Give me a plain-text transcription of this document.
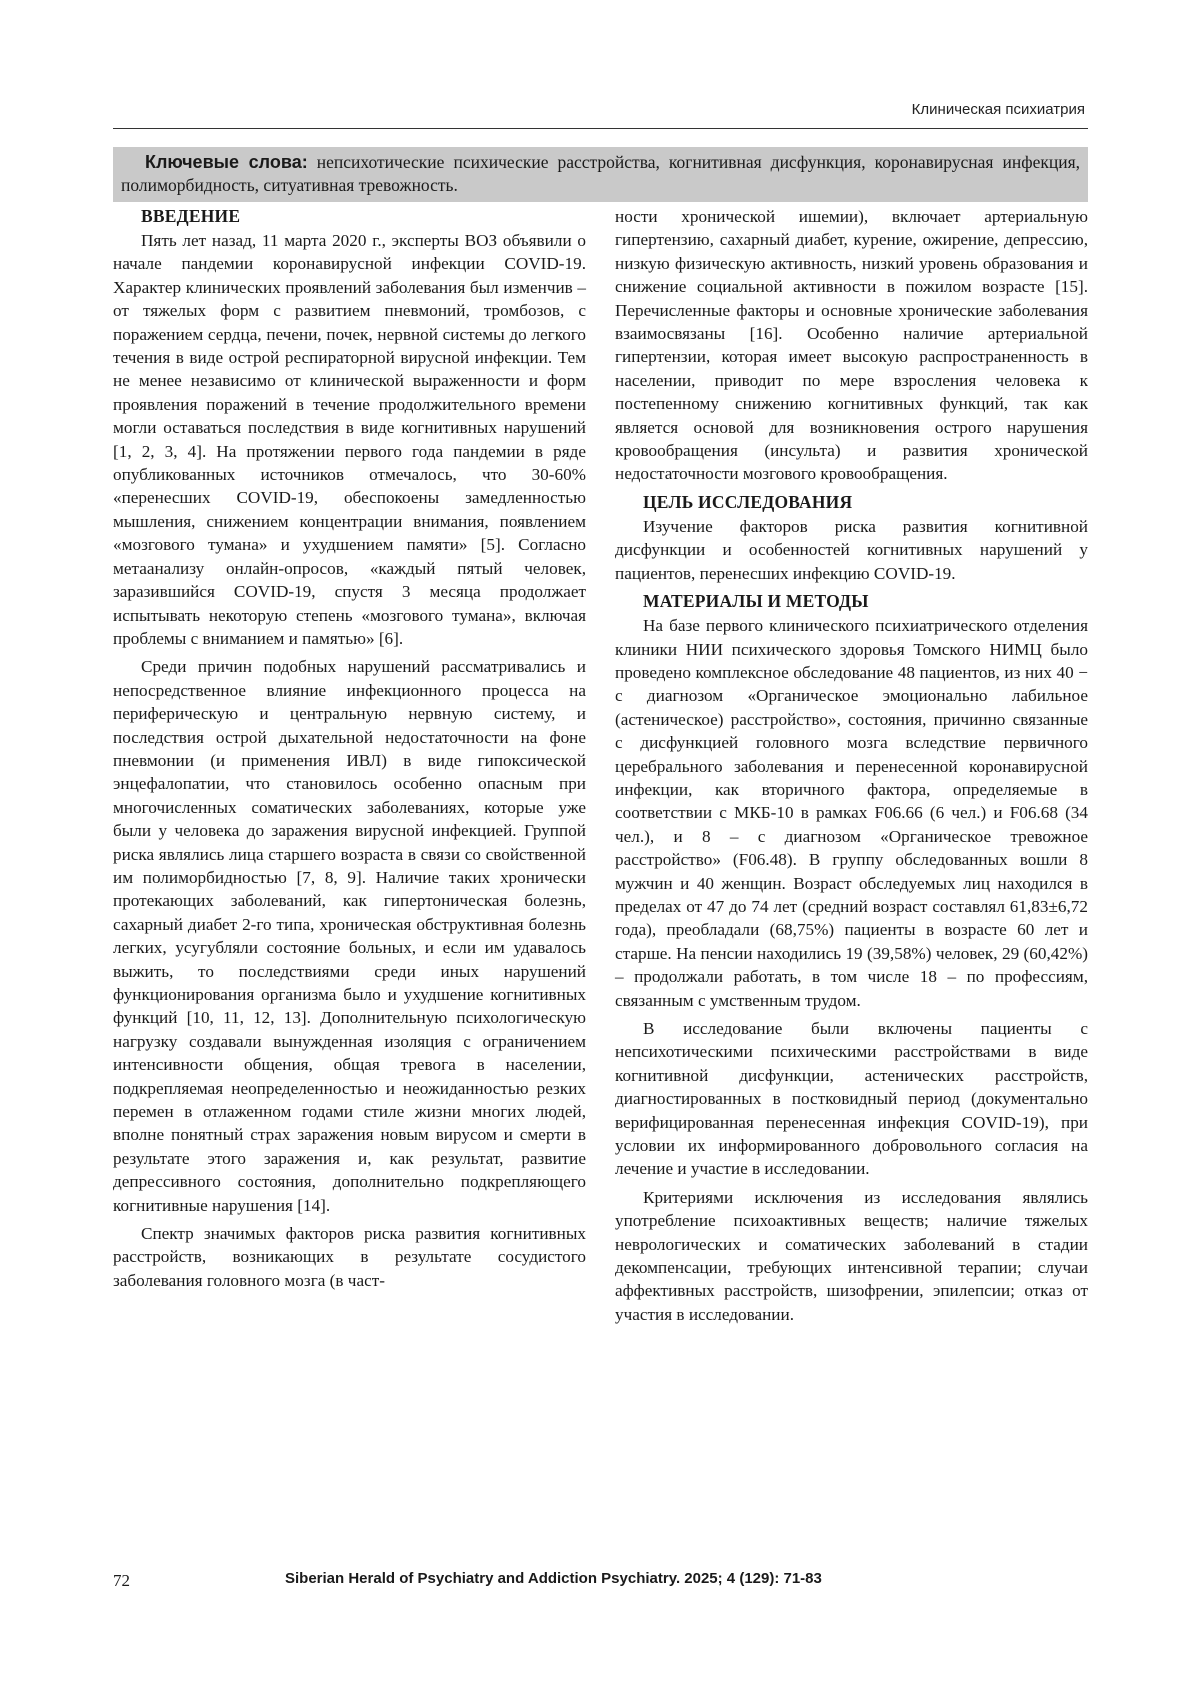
Клиническая психиатрия
Ключевые слова: непсихотические психические расстройства, когнитивная дисфункция, коронавирусная инфекция, полиморбидность, ситуативная тревожность.
ВВЕДЕНИЕ

Пять лет назад, 11 марта 2020 г., эксперты ВОЗ объявили о начале пандемии коронавирусной инфекции COVID-19. Характер клинических проявлений заболевания был изменчив – от тяжелых форм с развитием пневмоний, тромбозов, с поражением сердца, печени, почек, нервной системы до легкого течения в виде острой респираторной вирусной инфекции. Тем не менее независимо от клинической выраженности и форм проявления поражений в течение продолжительного времени могли оставаться последствия в виде когнитивных нарушений [1, 2, 3, 4]. На протяжении первого года пандемии в ряде опубликованных источников отмечалось, что 30-60% «перенесших COVID-19, обеспокоены замедленностью мышления, снижением концентрации внимания, появлением «мозгового тумана» и ухудшением памяти» [5]. Согласно метаанализу онлайн-опросов, «каждый пятый человек, заразившийся COVID-19, спустя 3 месяца продолжает испытывать некоторую степень «мозгового тумана», включая проблемы с вниманием и памятью» [6].

Среди причин подобных нарушений рассматривались и непосредственное влияние инфекционного процесса на периферическую и центральную нервную систему, и последствия острой дыхательной недостаточности на фоне пневмонии (и применения ИВЛ) в виде гипоксической энцефалопатии, что становилось особенно опасным при многочисленных соматических заболеваниях, которые уже были у человека до заражения вирусной инфекцией. Группой риска являлись лица старшего возраста в связи со свойственной им полиморбидностью [7, 8, 9]. Наличие таких хронически протекающих заболеваний, как гипертоническая болезнь, сахарный диабет 2-го типа, хроническая обструктивная болезнь легких, усугубляли состояние больных, и если им удавалось выжить, то последствиями среди иных нарушений функционирования организма было и ухудшение когнитивных функций [10, 11, 12, 13]. Дополнительную психологическую нагрузку создавали вынужденная изоляция с ограничением интенсивности общения, общая тревога в населении, подкрепляемая неопределенностью и неожиданностью резких перемен в отлаженном годами стиле жизни многих людей, вполне понятный страх заражения новым вирусом и смерти в результате этого заражения и, как результат, развитие депрессивного состояния, дополнительно подкрепляющего когнитивные нарушения [14].

Спектр значимых факторов риска развития когнитивных расстройств, возникающих в результате сосудистого заболевания головного мозга (в част-

ности хронической ишемии), включает артериальную гипертензию, сахарный диабет, курение, ожирение, депрессию, низкую физическую активность, низкий уровень образования и снижение социальной активности в пожилом возрасте [15]. Перечисленные факторы и основные хронические заболевания взаимосвязаны [16]. Особенно наличие артериальной гипертензии, которая имеет высокую распространенность в населении, приводит по мере взросления человека к постепенному снижению когнитивных функций, так как является основой для возникновения острого нарушения кровообращения (инсульта) и развития хронической недостаточности мозгового кровообращения.

ЦЕЛЬ ИССЛЕДОВАНИЯ

Изучение факторов риска развития когнитивной дисфункции и особенностей когнитивных нарушений у пациентов, перенесших инфекцию COVID-19.

МАТЕРИАЛЫ И МЕТОДЫ

На базе первого клинического психиатрического отделения клиники НИИ психического здоровья Томского НИМЦ было проведено комплексное обследование 48 пациентов, из них 40 − с диагнозом «Органическое эмоционально лабильное (астеническое) расстройство», состояния, причинно связанные с дисфункцией головного мозга вследствие первичного церебрального заболевания и перенесенной коронавирусной инфекции, как вторичного фактора, определяемые в соответствии с МКБ-10 в рамках F06.66 (6 чел.) и F06.68 (34 чел.), и 8 – с диагнозом «Органическое тревожное расстройство» (F06.48). В группу обследованных вошли 8 мужчин и 40 женщин. Возраст обследуемых лиц находился в пределах от 47 до 74 лет (средний возраст составлял 61,83±6,72 года), преобладали (68,75%) пациенты в возрасте 60 лет и старше. На пенсии находились 19 (39,58%) человек, 29 (60,42%) – продолжали работать, в том числе 18 – по профессиям, связанным с умственным трудом.

В исследование были включены пациенты с непсихотическими психическими расстройствами в виде когнитивной дисфункции, астенических расстройств, диагностированных в постковидный период (документально верифицированная перенесенная инфекция COVID-19), при условии их информированного добровольного согласия на лечение и участие в исследовании.

Критериями исключения из исследования являлись употребление психоактивных веществ; наличие тяжелых неврологических и соматических заболеваний в стадии декомпенсации, требующих интенсивной терапии; случаи аффективных расстройств, шизофрении, эпилепсии; отказ от участия в исследовании.

72	Siberian Herald of Psychiatry and Addiction Psychiatry. 2025; 4 (129): 71-83
